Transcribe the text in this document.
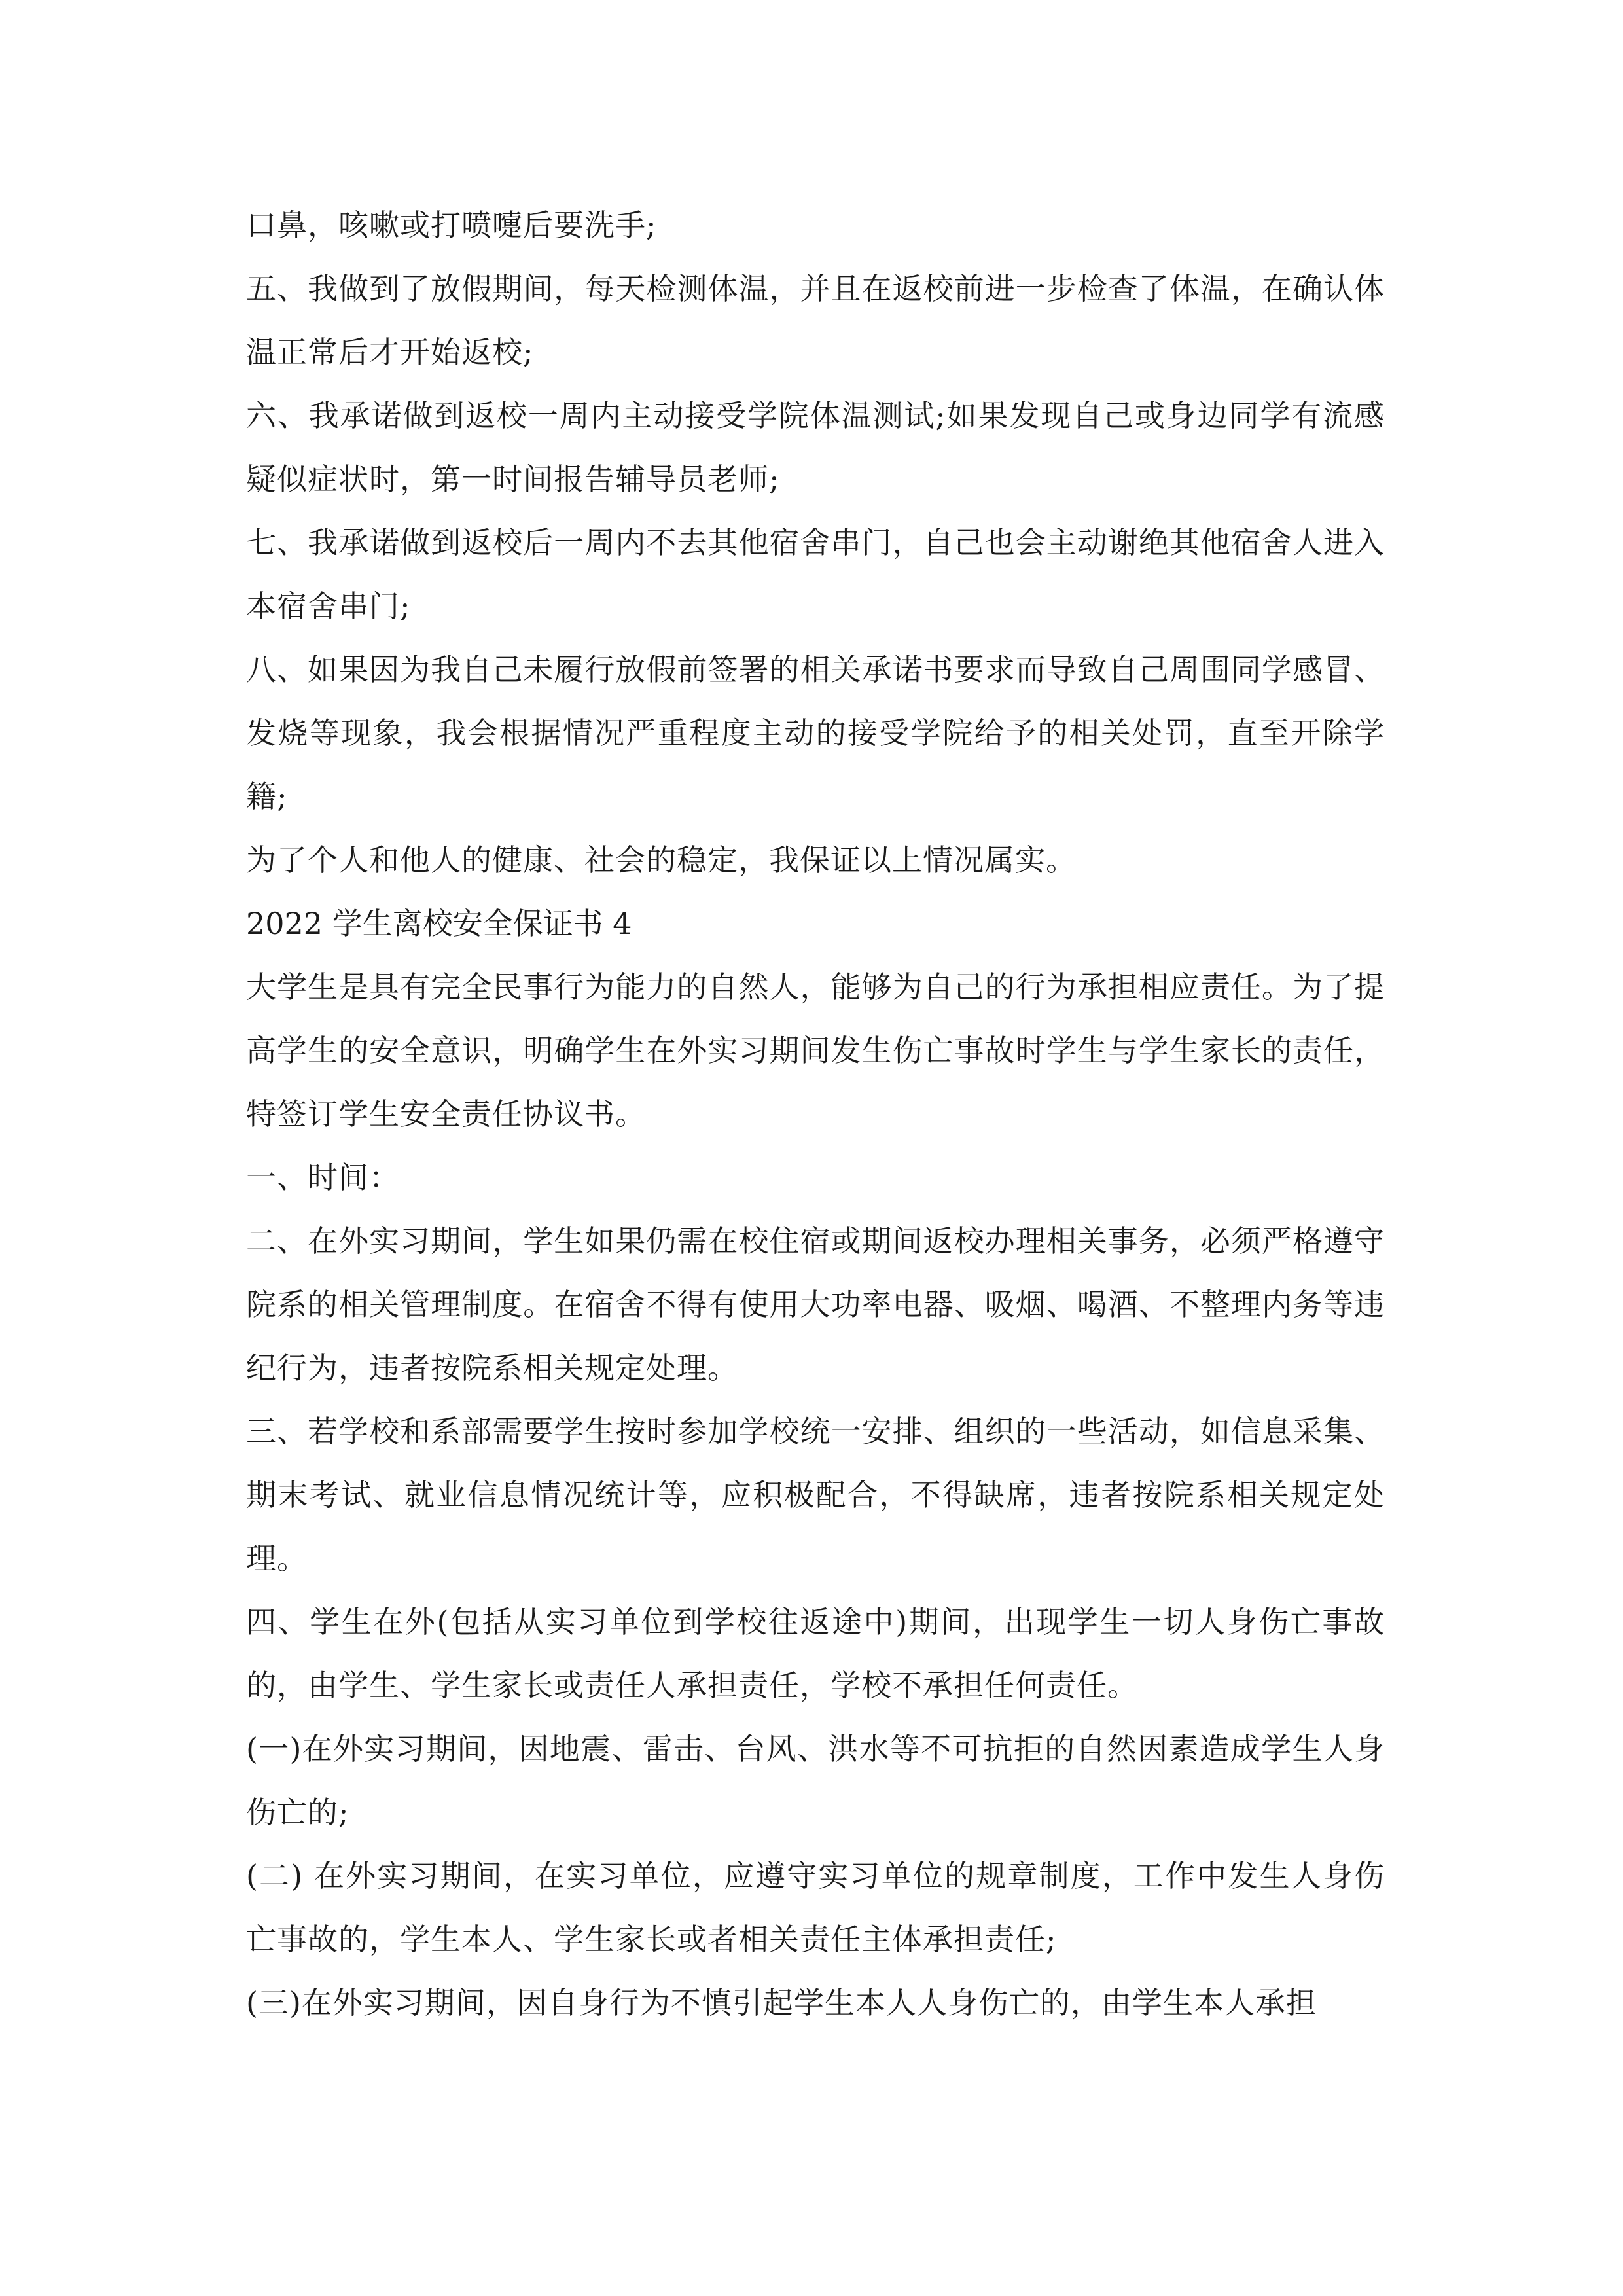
口鼻，咳嗽或打喷嚏后要洗手;

五、我做到了放假期间，每天检测体温，并且在返校前进一步检查了体温，在确认体温正常后才开始返校;

六、我承诺做到返校一周内主动接受学院体温测试;如果发现自己或身边同学有流感疑似症状时，第一时间报告辅导员老师;

七、我承诺做到返校后一周内不去其他宿舍串门，自己也会主动谢绝其他宿舍人进入本宿舍串门;

八、如果因为我自己未履行放假前签署的相关承诺书要求而导致自己周围同学感冒、发烧等现象，我会根据情况严重程度主动的接受学院给予的相关处罚，直至开除学籍;

为了个人和他人的健康、社会的稳定，我保证以上情况属实。

2022 学生离校安全保证书 4

大学生是具有完全民事行为能力的自然人，能够为自己的行为承担相应责任。为了提高学生的安全意识，明确学生在外实习期间发生伤亡事故时学生与学生家长的责任，特签订学生安全责任协议书。

一、时间：

二、在外实习期间，学生如果仍需在校住宿或期间返校办理相关事务，必须严格遵守院系的相关管理制度。在宿舍不得有使用大功率电器、吸烟、喝酒、不整理内务等违纪行为，违者按院系相关规定处理。

三、若学校和系部需要学生按时参加学校统一安排、组织的一些活动，如信息采集、期末考试、就业信息情况统计等，应积极配合，不得缺席，违者按院系相关规定处理。

四、学生在外(包括从实习单位到学校往返途中)期间，出现学生一切人身伤亡事故的，由学生、学生家长或责任人承担责任，学校不承担任何责任。

(一)在外实习期间，因地震、雷击、台风、洪水等不可抗拒的自然因素造成学生人身伤亡的;

(二) 在外实习期间，在实习单位，应遵守实习单位的规章制度，工作中发生人身伤亡事故的，学生本人、学生家长或者相关责任主体承担责任;

(三)在外实习期间，因自身行为不慎引起学生本人人身伤亡的，由学生本人承担
